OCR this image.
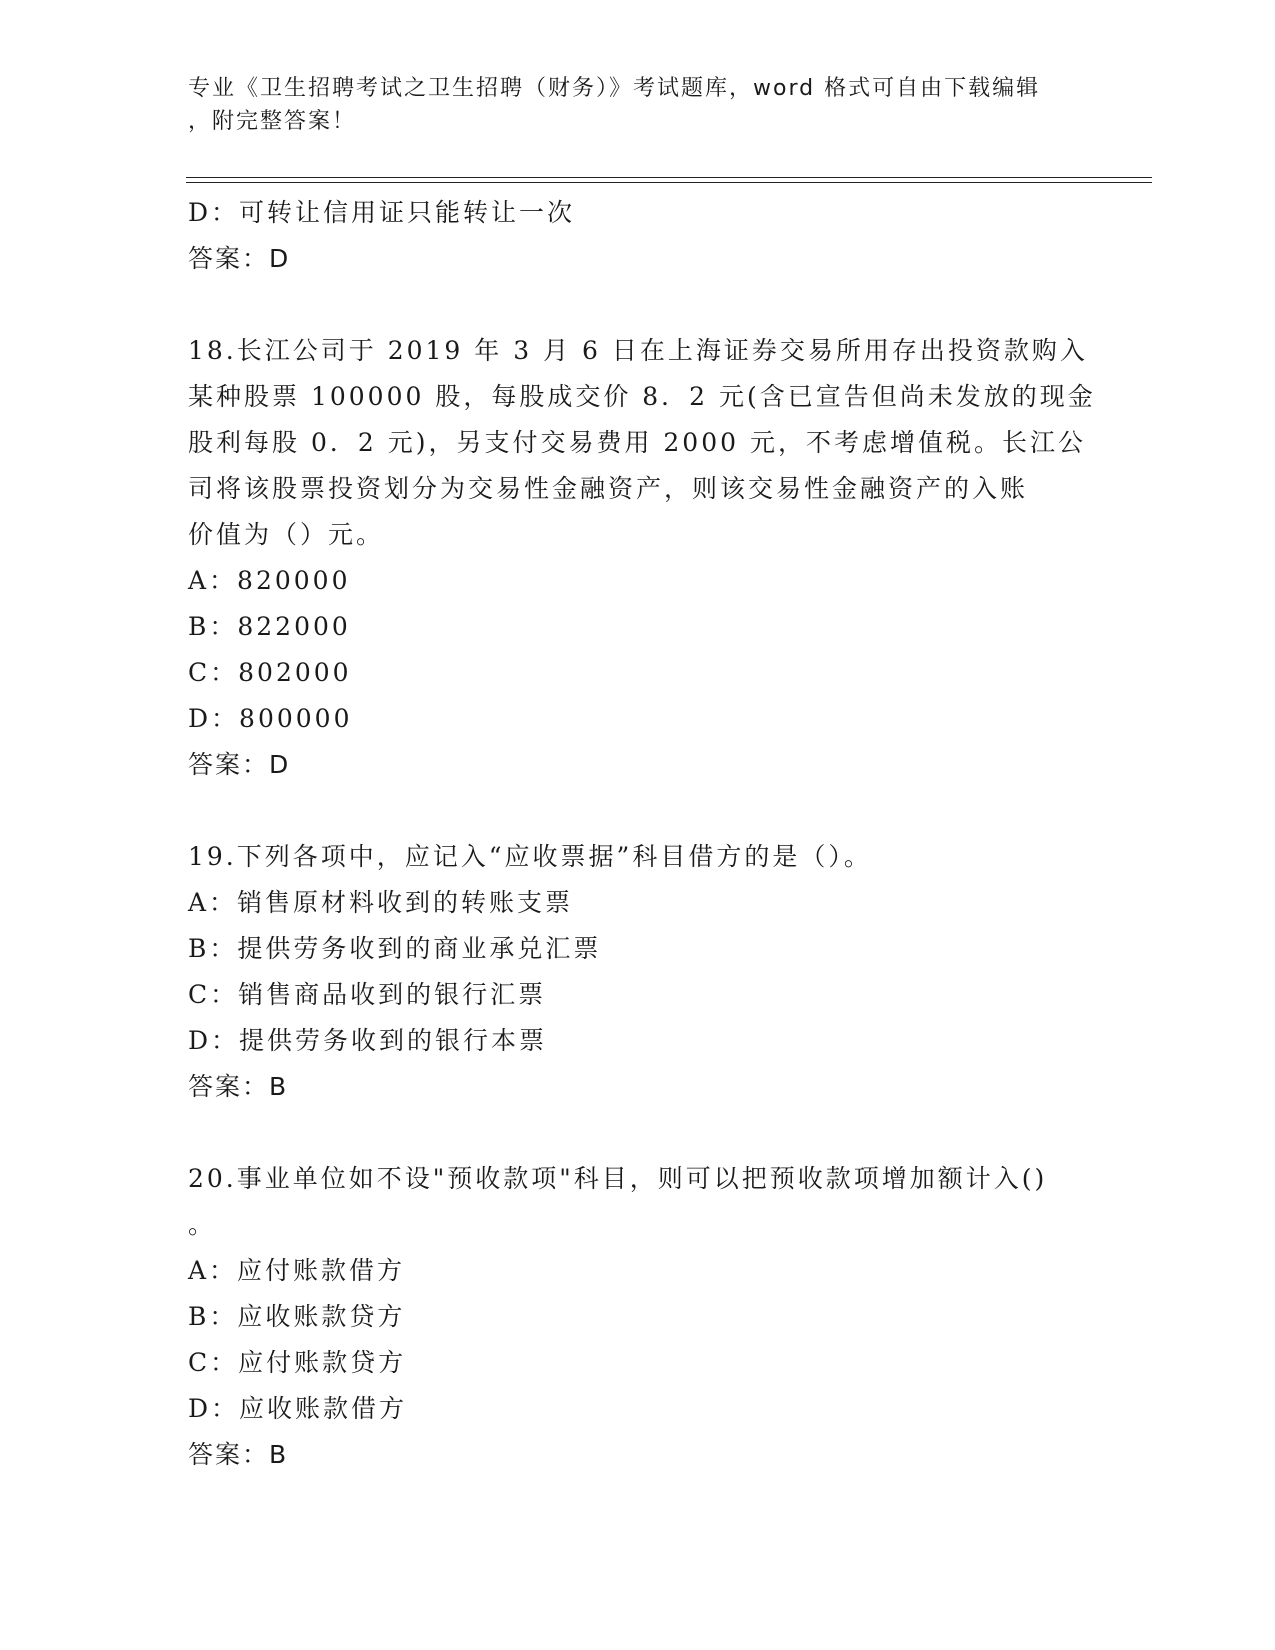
专业《卫生招聘考试之卫生招聘（财务）》考试题库，word 格式可自由下载编辑
，附完整答案！
D：可转让信用证只能转让一次
答案：D
18.长江公司于 2019 年 3 月 6 日在上海证券交易所用存出投资款购入
某种股票 100000 股，每股成交价 8．2 元(含已宣告但尚未发放的现金
股利每股 0．2 元)，另支付交易费用 2000 元，不考虑增值税。长江公
司将该股票投资划分为交易性金融资产，则该交易性金融资产的入账
价值为（）元。
A：820000
B：822000
C：802000
D：800000
答案：D
19.下列各项中，应记入“应收票据”科目借方的是（）。
A：销售原材料收到的转账支票
B：提供劳务收到的商业承兑汇票
C：销售商品收到的银行汇票
D：提供劳务收到的银行本票
答案：B
20.事业单位如不设"预收款项"科目，则可以把预收款项增加额计入()
。
A：应付账款借方
B：应收账款贷方
C：应付账款贷方
D：应收账款借方
答案：B
